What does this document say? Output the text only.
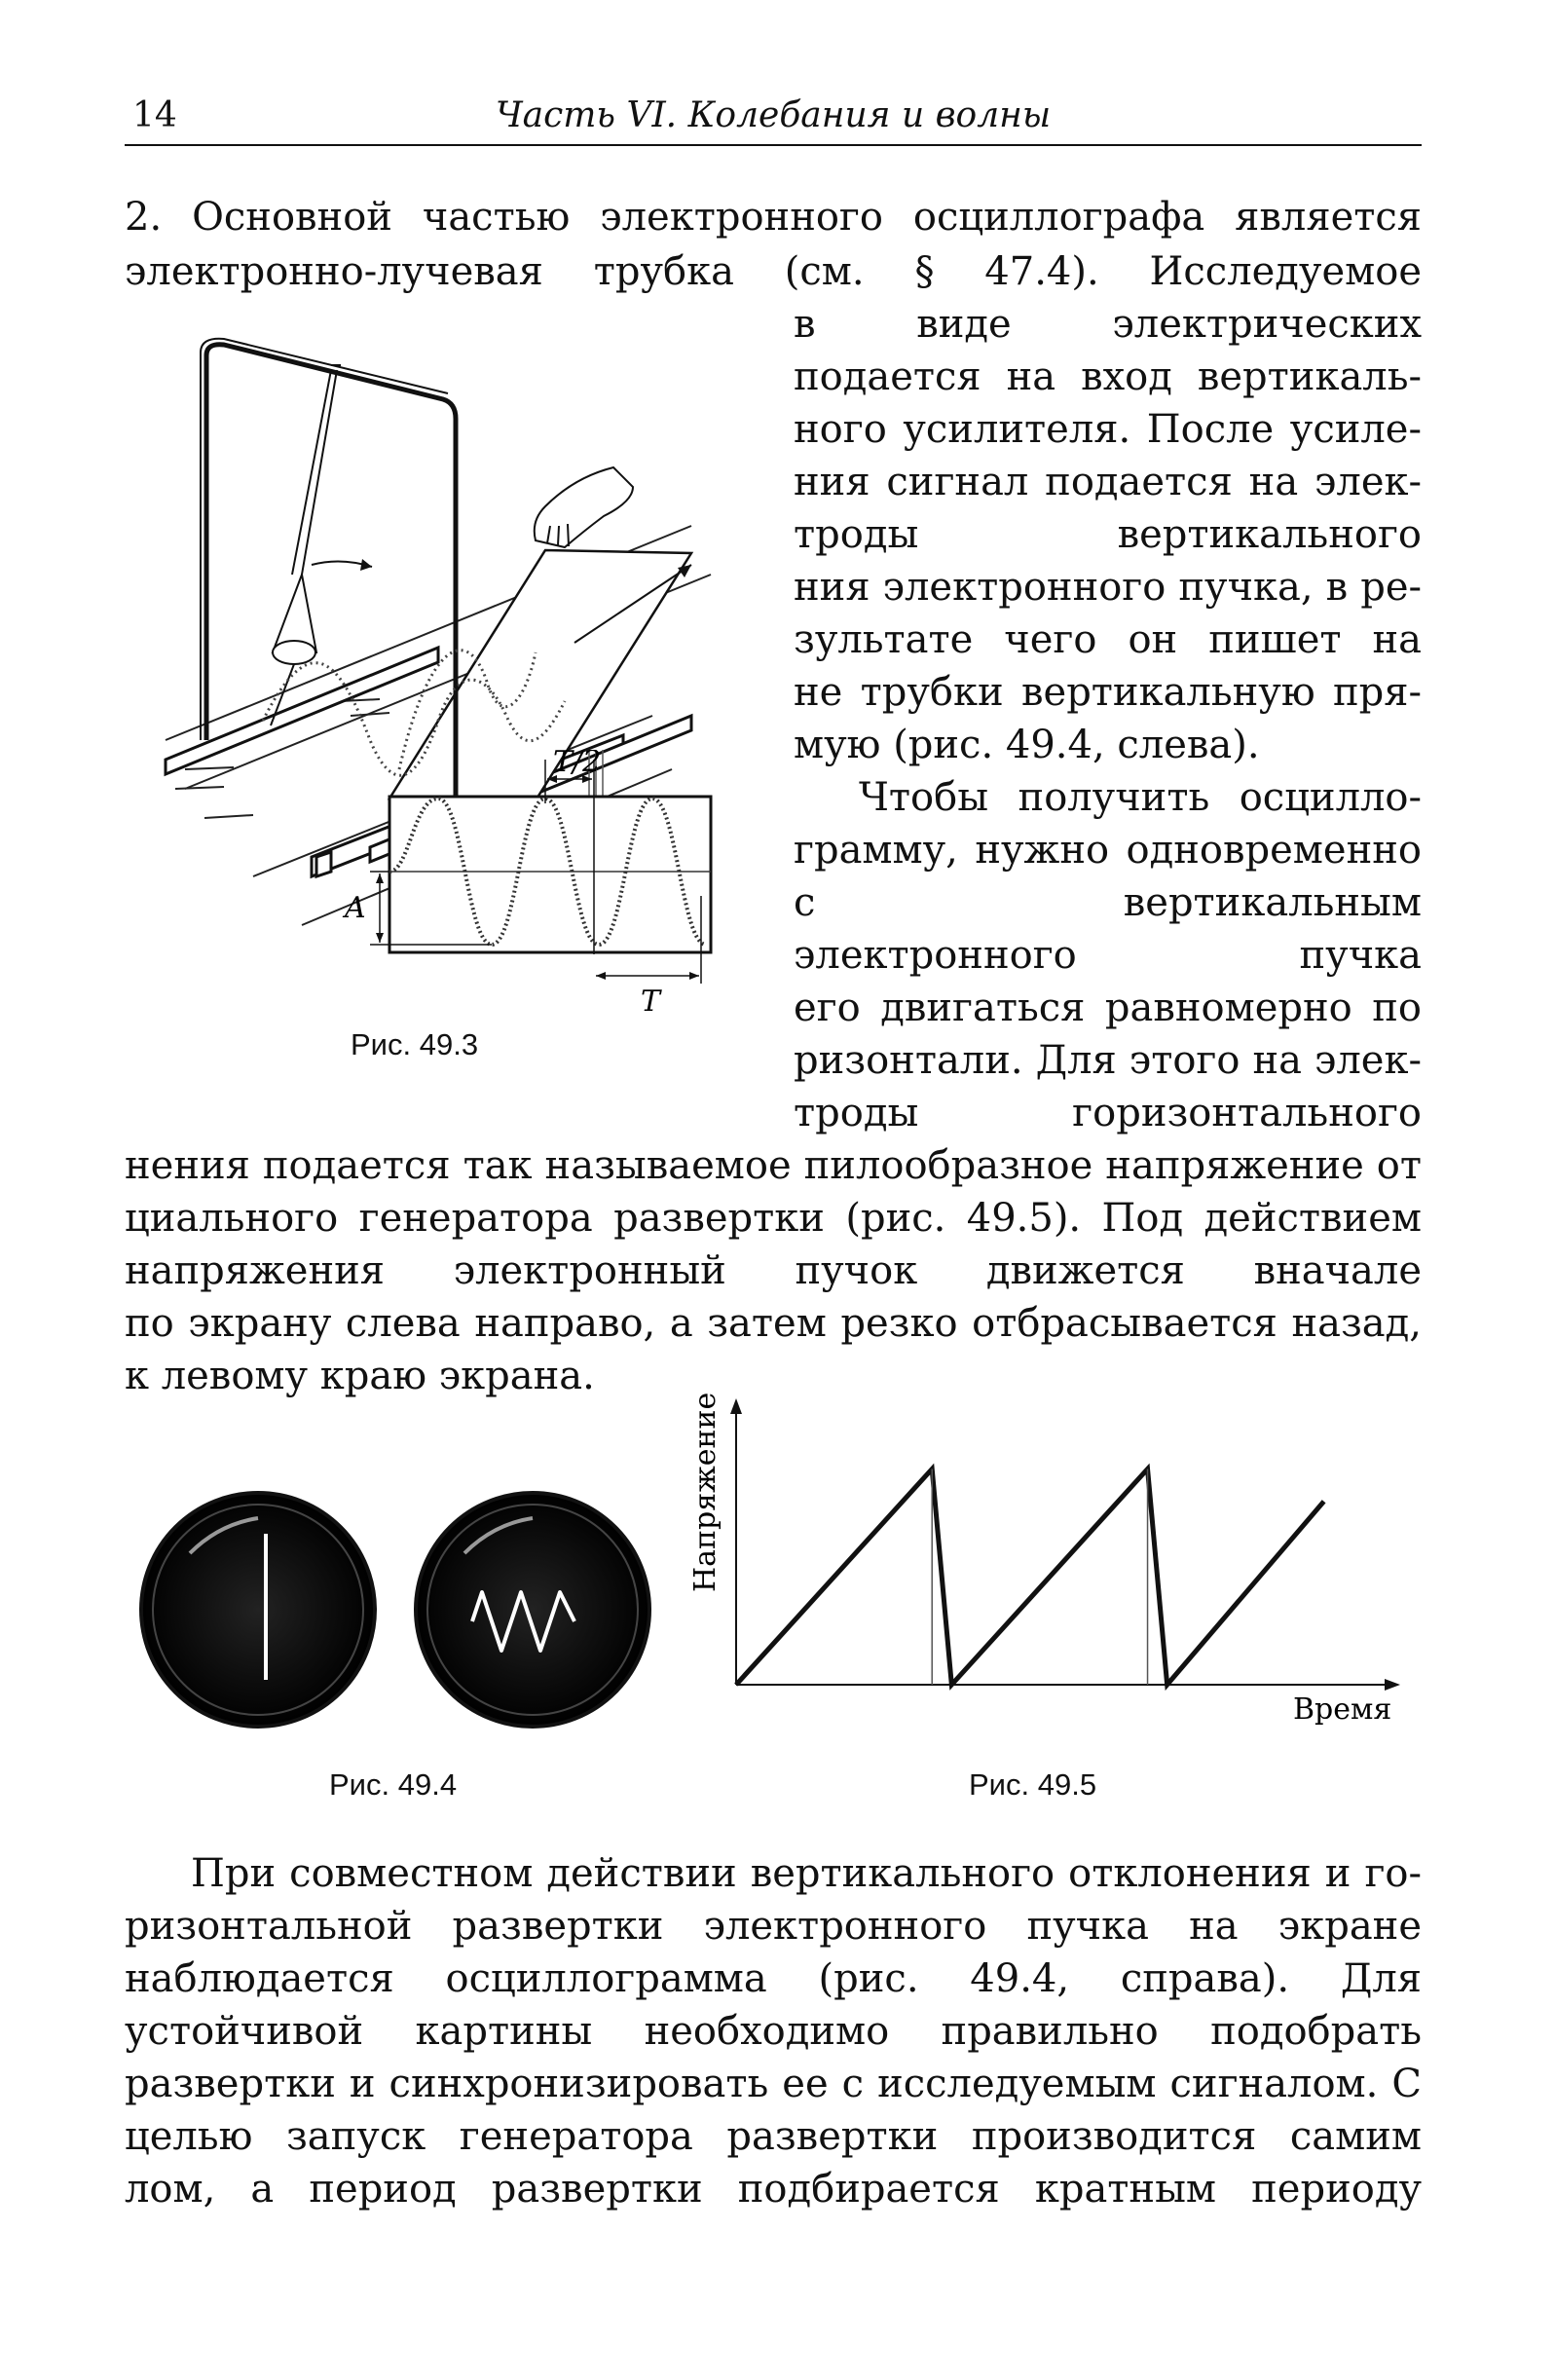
14	Часть VI. Колебания и волны
2. Основной частью электронного осциллографа является
электронно-лучевая трубка (см. § 47.4). Исследуемое
в виде электрических
подается на вход вертикаль-
ного усилителя. После усиле-
ния сигнал подается на элек-
троды вертикального
ния электронного пучка, в ре-
зультате чего он пишет на
не трубки вертикальную пря-
мую (рис. 49.4, слева).
Чтобы получить осцилло-
грамму, нужно одновременно
с вертикальным
электронного пучка
его двигаться равномерно по
ризонтали. Для этого на элек-
троды горизонтального
нения подается так называемое пилообразное напряжение от
циального генератора развертки (рис. 49.5). Под действием
напряжения электронный пучок движется вначале
по экрану слева направо, а затем резко отбрасывается назад,
к левому краю экрана.
T/2
T
A
Рис. 49.3
Рис. 49.4
Напряжение
Время
Рис. 49.5
При совместном действии вертикального отклонения и го-
ризонтальной развертки электронного пучка на экране
наблюдается осциллограмма (рис. 49.4, справа). Для
устойчивой картины необходимо правильно подобрать
развертки и синхронизировать ее с исследуемым сигналом. С
целью запуск генератора развертки производится самим
лом, а период развертки подбирается кратным периоду
